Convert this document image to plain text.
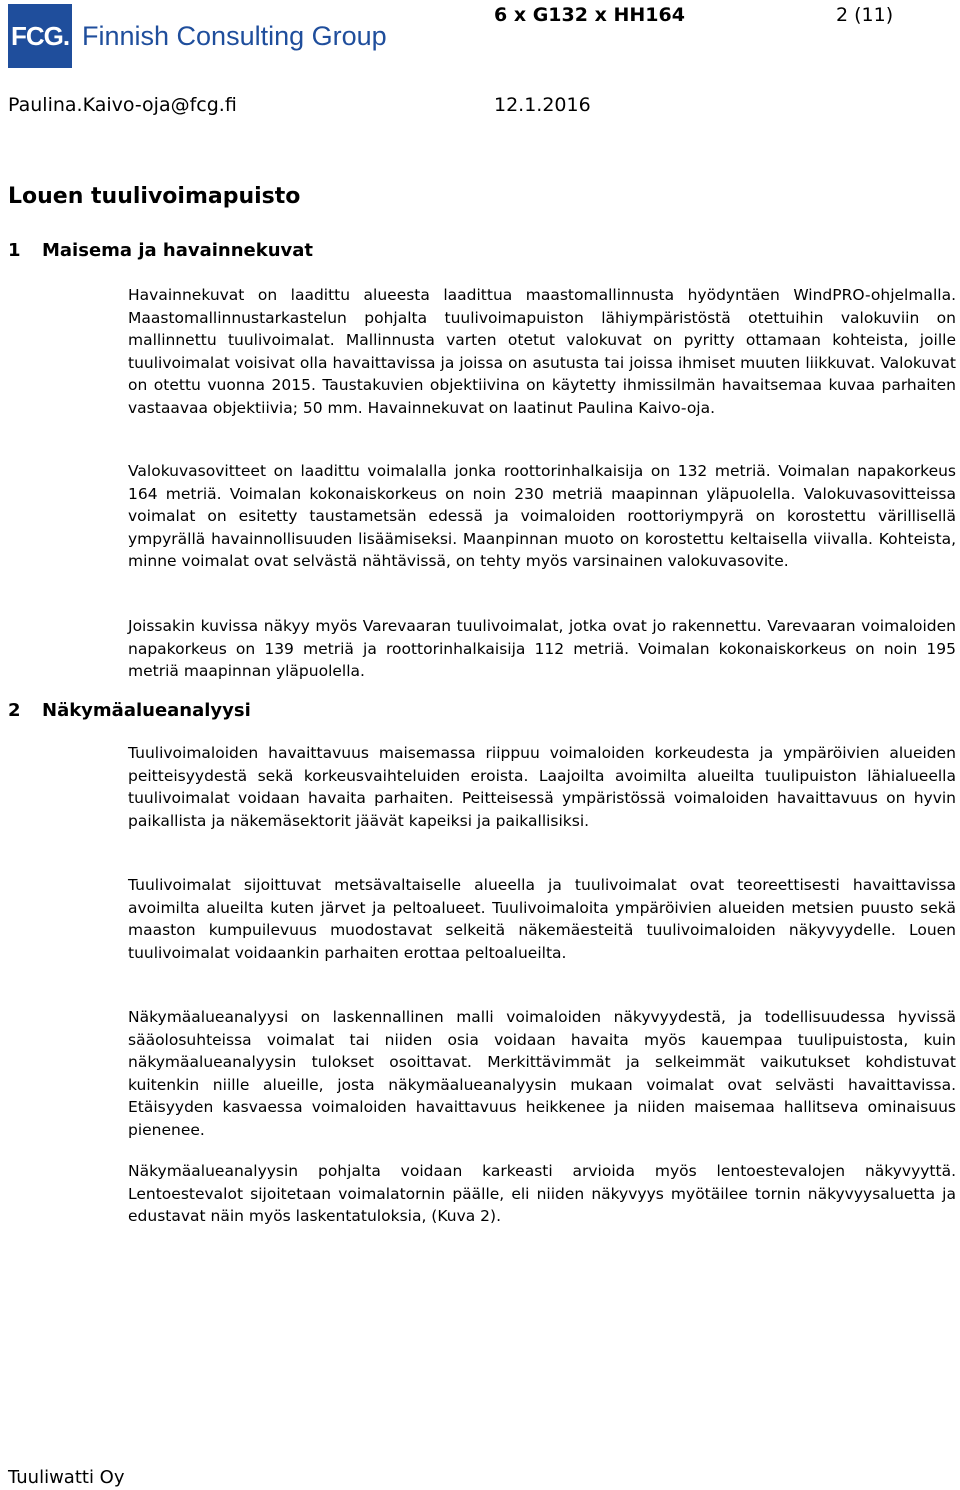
FCG. Finnish Consulting Group
6 x G132 x HH164	2 (11)
Paulina.Kaivo-oja@fcg.fi	12.1.2016
Louen tuulivoimapuisto
1 Maisema ja havainnekuvat

Havainnekuvat on laadittu alueesta laadittua maastomallinnusta hyödyntäen WindPRO-ohjelmalla. Maastomallinnustarkastelun pohjalta tuulivoimapuiston lähiympäristöstä otettuihin valokuviin on mallinnettu tuulivoimalat. Mallinnusta varten otetut valokuvat on pyritty ottamaan kohteista, joille tuulivoimalat voisivat olla havaittavissa ja joissa on asutusta tai joissa ihmiset muuten liikkuvat. Valokuvat on otettu vuonna 2015. Taustakuvien objektiivina on käytetty ihmissilmän havaitsemaa kuvaa parhaiten vastaavaa objektiivia; 50 mm. Havainnekuvat on laatinut Paulina Kaivo-oja.

Valokuvasovitteet on laadittu voimalalla jonka roottorinhalkaisija on 132 metriä. Voimalan napakorkeus 164 metriä. Voimalan kokonaiskorkeus on noin 230 metriä maapinnan yläpuolella. Valokuvasovitteissa voimalat on esitetty taustametsän edessä ja voimaloiden roottoriympyrä on korostettu värillisellä ympyrällä havainnollisuuden lisäämiseksi. Maanpinnan muoto on korostettu keltaisella viivalla. Kohteista, minne voimalat ovat selvästä nähtävissä, on tehty myös varsinainen valokuvasovite.

Joissakin kuvissa näkyy myös Varevaaran tuulivoimalat, jotka ovat jo rakennettu. Varevaaran voimaloiden napakorkeus on 139 metriä ja roottorinhalkaisija 112 metriä. Voimalan kokonaiskorkeus on noin 195 metriä maapinnan yläpuolella.

2 Näkymäalueanalyysi

Tuulivoimaloiden havaittavuus maisemassa riippuu voimaloiden korkeudesta ja ympäröivien alueiden peitteisyydestä sekä korkeusvaihteluiden eroista. Laajoilta avoimilta alueilta tuulipuiston lähialueella tuulivoimalat voidaan havaita parhaiten. Peitteisessä ympäristössä voimaloiden havaittavuus on hyvin paikallista ja näkemäsektorit jäävät kapeiksi ja paikallisiksi.

Tuulivoimalat sijoittuvat metsävaltaiselle alueella ja tuulivoimalat ovat teoreettisesti havaittavissa avoimilta alueilta kuten järvet ja peltoalueet. Tuulivoimaloita ympäröivien alueiden metsien puusto sekä maaston kumpuilevuus muodostavat selkeitä näkemäesteitä tuulivoimaloiden näkyvyydelle. Louen tuulivoimalat voidaankin parhaiten erottaa peltoalueilta.

Näkymäalueanalyysi on laskennallinen malli voimaloiden näkyvyydestä, ja todellisuudessa hyvissä sääolosuhteissa voimalat tai niiden osia voidaan havaita myös kauempaa tuulipuistosta, kuin näkymäalueanalyysin tulokset osoittavat. Merkittävimmät ja selkeimmät vaikutukset kohdistuvat kuitenkin niille alueille, josta näkymäalueanalyysin mukaan voimalat ovat selvästi havaittavissa. Etäisyyden kasvaessa voimaloiden havaittavuus heikkenee ja niiden maisemaa hallitseva ominaisuus pienenee.

Näkymäalueanalyysin pohjalta voidaan karkeasti arvioida myös lentoestevalojen näkyvyyttä. Lentoestevalot sijoitetaan voimalatornin päälle, eli niiden näkyvyys myötäilee tornin näkyvyysaluetta ja edustavat näin myös laskentatuloksia, (Kuva 2).

Tuuliwatti Oy
